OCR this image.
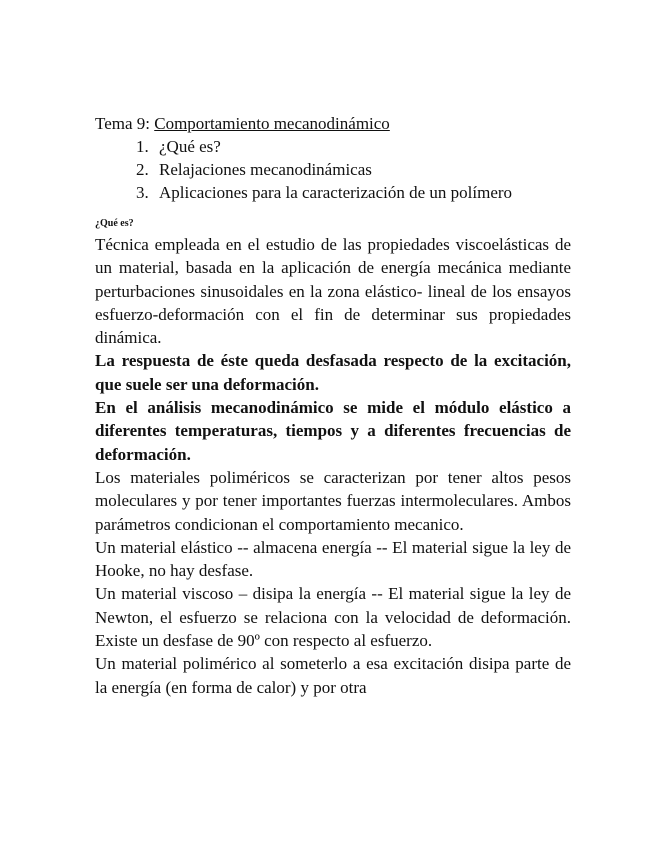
Tema 9: Comportamiento mecanodinámico
1. ¿Qué es?
2. Relajaciones mecanodinámicas
3. Aplicaciones para la caracterización de un polímero
¿Qué es?

Técnica empleada en el estudio de las propiedades viscoelásticas de un material, basada en la aplicación de energía mecánica mediante perturbaciones sinusoidales en la zona elástico- lineal de los ensayos esfuerzo-deformación con el fin de determinar sus propiedades dinámica.

La respuesta de éste queda desfasada respecto de la excitación, que suele ser una deformación.

En el análisis mecanodinámico se mide el módulo elástico a diferentes temperaturas, tiempos y a diferentes frecuencias de deformación.

Los materiales poliméricos se caracterizan por tener altos pesos moleculares y por tener importantes fuerzas intermoleculares. Ambos parámetros condicionan el comportamiento mecanico.

Un material elástico -- almacena energía -- El material sigue la ley de Hooke, no hay desfase.

Un material viscoso – disipa la energía -- El material sigue la ley de Newton, el esfuerzo se relaciona con la velocidad de deformación. Existe un desfase de 90º con respecto al esfuerzo.

Un material polimérico al someterlo a esa excitación disipa parte de la energía (en forma de calor) y por otra
